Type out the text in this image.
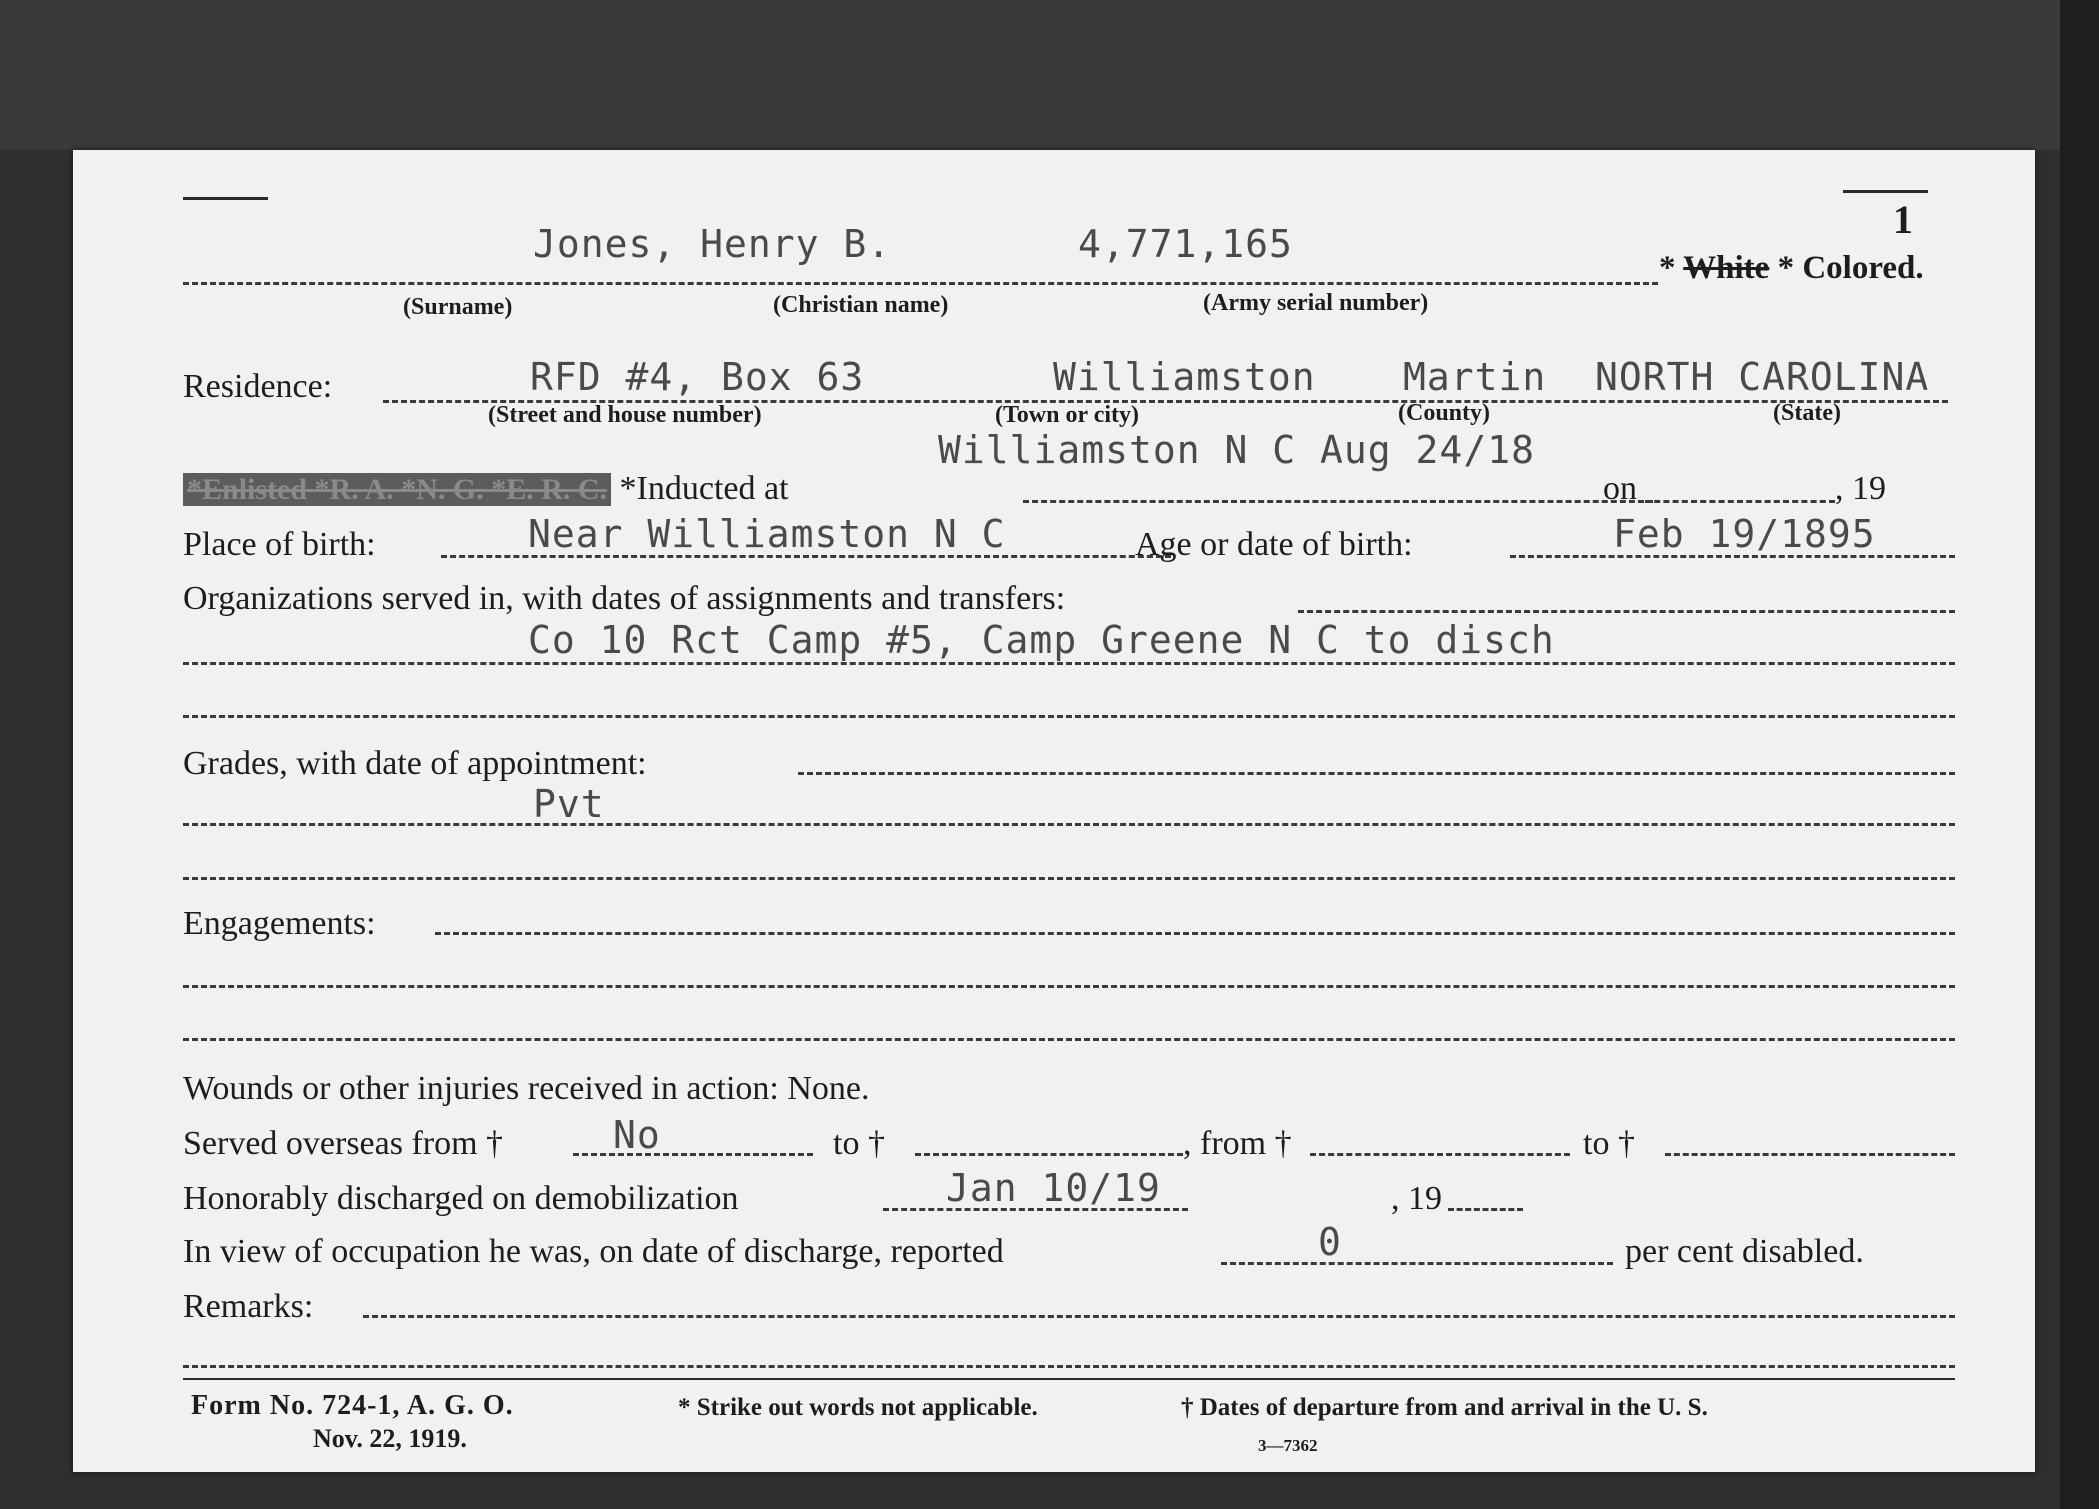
1
Jones, Henry B.	4,771,165
* White * Colored.
(Surname)	(Christian name)	(Army serial number)
Residence:	RFD #4, Box 63	Williamston Martin NORTH CAROLINA
(Street and house number)	(Town or city)	(County)	(State)
Williamston N C Aug 24/18
*Enlisted *R. A. *N. G. *E. R. C. *Inducted at	on	, 19
Place of birth:	Near Williamston N C	Age or date of birth:	Feb 19/1895
Organizations served in, with dates of assignments and transfers:
Co 10 Rct Camp #5, Camp Greene N C to disch
Grades, with date of appointment:
Pvt
Engagements:
Wounds or other injuries received in action: None.
Served overseas from †	No	to †	, from †	to †
Honorably discharged on demobilization	Jan 10/19	, 19
In view of occupation he was, on date of discharge, reported	0	per cent disabled.
Remarks:
Form No. 724-1, A. G. O.
Nov. 22, 1919.
* Strike out words not applicable.	† Dates of departure from and arrival in the U. S.
3—7362
